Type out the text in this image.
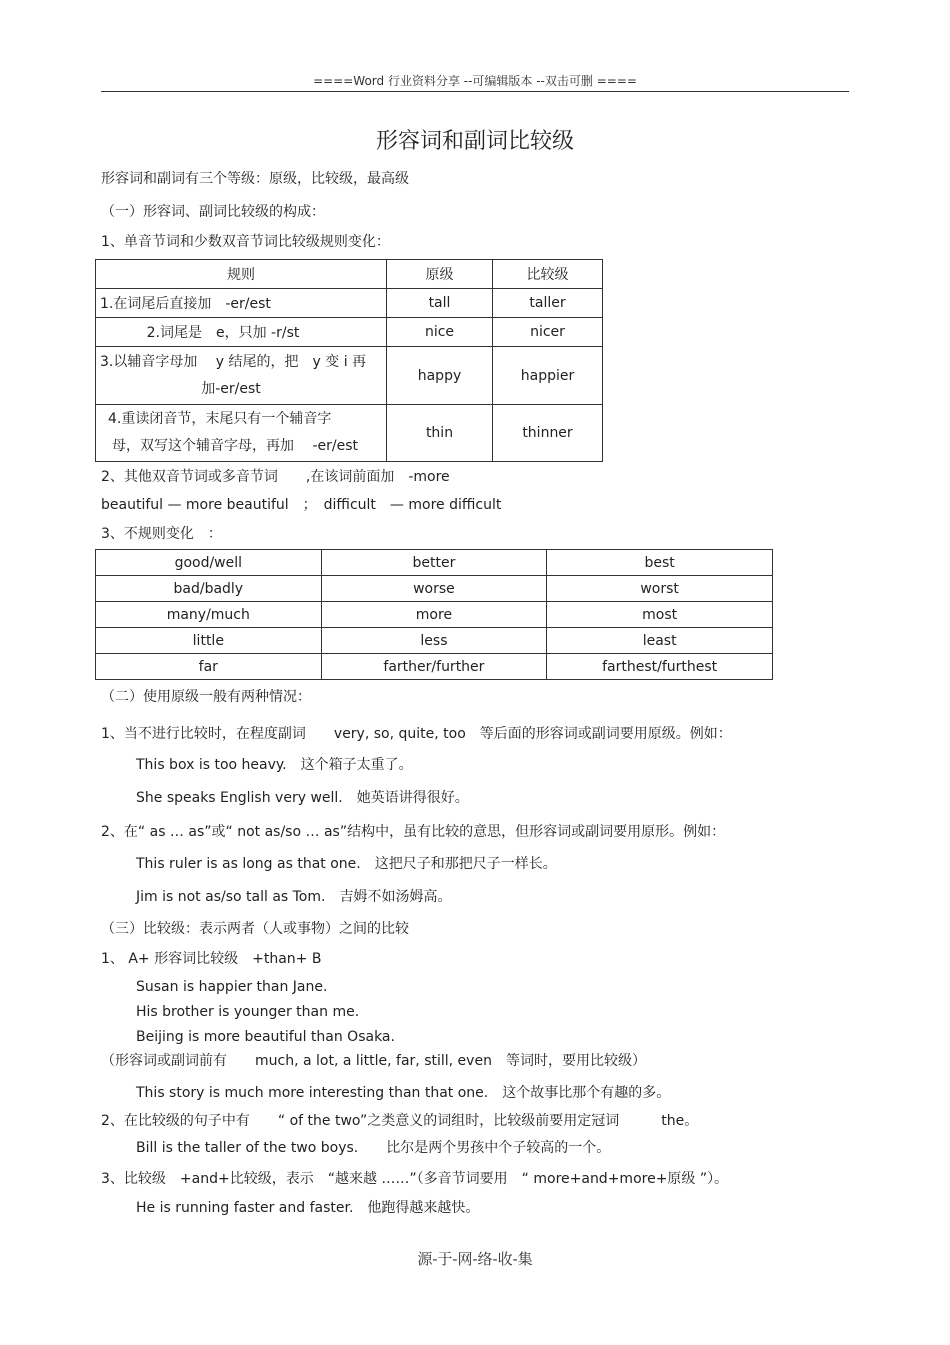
====Word 行业资料分享 --可编辑版本 --双击可删 ====
形容词和副词比较级
形容词和副词有三个等级：原级，比较级，最高级
（一）形容词、副词比较级的构成：
1、单音节词和少数双音节词比较级规则变化：
规则	原级	比较级
1.在词尾后直接加　-er/est	tall	taller
2.词尾是　e，只加 -r/st	nice	nicer

3.以辅音字母加　 y 结尾的，把　y 变 i 再
加-er/est	happy	happier

4.重读闭音节，末尾只有一个辅音字
母，双写这个辅音字母，再加　 -er/est	thin	thinner
2、其他双音节词或多音节词　　,在该词前面加　-more
beautiful — more beautiful　；　difficult　— more difficult
3、不规则变化　：
good/well	better	best
bad/badly	worse	worst
many/much	more	most
little	less	least
far	farther/further	farthest/furthest
（二）使用原级一般有两种情况：
1、当不进行比较时，在程度副词　　very, so, quite, too　等后面的形容词或副词要用原级。例如：
This box is too heavy.　这个箱子太重了。
She speaks English very well.　她英语讲得很好。
2、在“ as … as”或“ not as/so … as”结构中，虽有比较的意思，但形容词或副词要用原形。例如：
This ruler is as long as that one.　这把尺子和那把尺子一样长。
Jim is not as/so tall as Tom.　吉姆不如汤姆高。
（三）比较级：表示两者（人或事物）之间的比较
1、 A+ 形容词比较级　+than+ B
Susan is happier than Jane.
His brother is younger than me.
Beijing is more beautiful than Osaka.
（形容词或副词前有　　much, a lot, a little, far, still, even　等词时，要用比较级）
This story is much more interesting than that one.　这个故事比那个有趣的多。
2、在比较级的句子中有　　“ of the two”之类意义的词组时，比较级前要用定冠词　　　the。
Bill is the taller of the two boys.　　比尔是两个男孩中个子较高的一个。
3、比较级　+and+比较级，表示　“越来越 ……”（多音节词要用　“ more+and+more+原级 ”）。
He is running faster and faster.　他跑得越来越快。
源-于-网-络-收-集
